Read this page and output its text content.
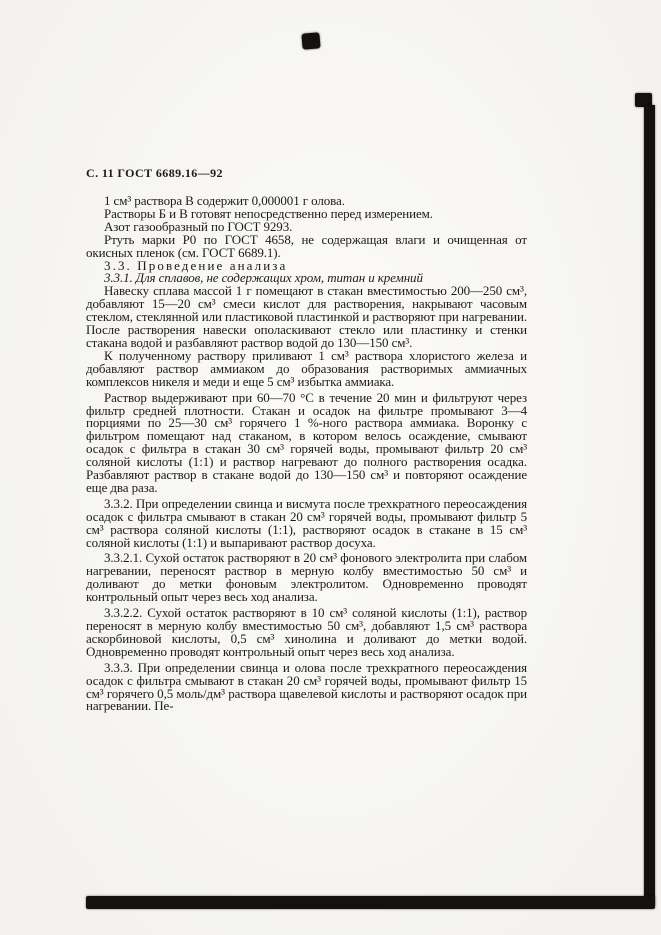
С. 11 ГОСТ 6689.16—92

1 см³ раствора В содержит 0,000001 г олова.

Растворы Б и В готовят непосредственно перед измерением.

Азот газообразный по ГОСТ 9293.

Ртуть марки Р0 по ГОСТ 4658, не содержащая влаги и очищенная от окисных пленок (см. ГОСТ 6689.1).

3.3. Проведение анализа

3.3.1. Для сплавов, не содержащих хром, титан и кремний

Навеску сплава массой 1 г помещают в стакан вместимостью 200—250 см³, добавляют 15—20 см³ смеси кислот для растворения, накрывают часовым стеклом, стеклянной или пластиковой пластинкой и растворяют при нагревании. После растворения навески ополаскивают стекло или пластинку и стенки стакана водой и разбавляют раствор водой до 130—150 см³.

К полученному раствору приливают 1 см³ раствора хлористого железа и добавляют раствор аммиаком до образования растворимых аммиачных комплексов никеля и меди и еще 5 см³ избытка аммиака.

Раствор выдерживают при 60—70 °С в течение 20 мин и фильтруют через фильтр средней плотности. Стакан и осадок на фильтре промывают 3—4 порциями по 25—30 см³ горячего 1 %-ного раствора аммиака. Воронку с фильтром помещают над стаканом, в котором велось осаждение, смывают осадок с фильтра в стакан 30 см³ горячей воды, промывают фильтр 20 см³ соляной кислоты (1:1) и раствор нагревают до полного растворения осадка. Разбавляют раствор в стакане водой до 130—150 см³ и повторяют осаждение еще два раза.

3.3.2. При определении свинца и висмута после трехкратного переосаждения осадок с фильтра смывают в стакан 20 см³ горячей воды, промывают фильтр 5 см³ раствора соляной кислоты (1:1), растворяют осадок в стакане в 15 см³ соляной кислоты (1:1) и выпаривают раствор досуха.

3.3.2.1. Сухой остаток растворяют в 20 см³ фонового электролита при слабом нагревании, переносят раствор в мерную колбу вместимостью 50 см³ и доливают до метки фоновым электролитом. Одновременно проводят контрольный опыт через весь ход анализа.

3.3.2.2. Сухой остаток растворяют в 10 см³ соляной кислоты (1:1), раствор переносят в мерную колбу вместимостью 50 см³, добавляют 1,5 см³ раствора аскорбиновой кислоты, 0,5 см³ хинолина и доливают до метки водой. Одновременно проводят контрольный опыт через весь ход анализа.

3.3.3. При определении свинца и олова после трехкратного переосаждения осадок с фильтра смывают в стакан 20 см³ горячей воды, промывают фильтр 15 см³ горячего 0,5 моль/дм³ раствора щавелевой кислоты и растворяют осадок при нагревании. Пе-
